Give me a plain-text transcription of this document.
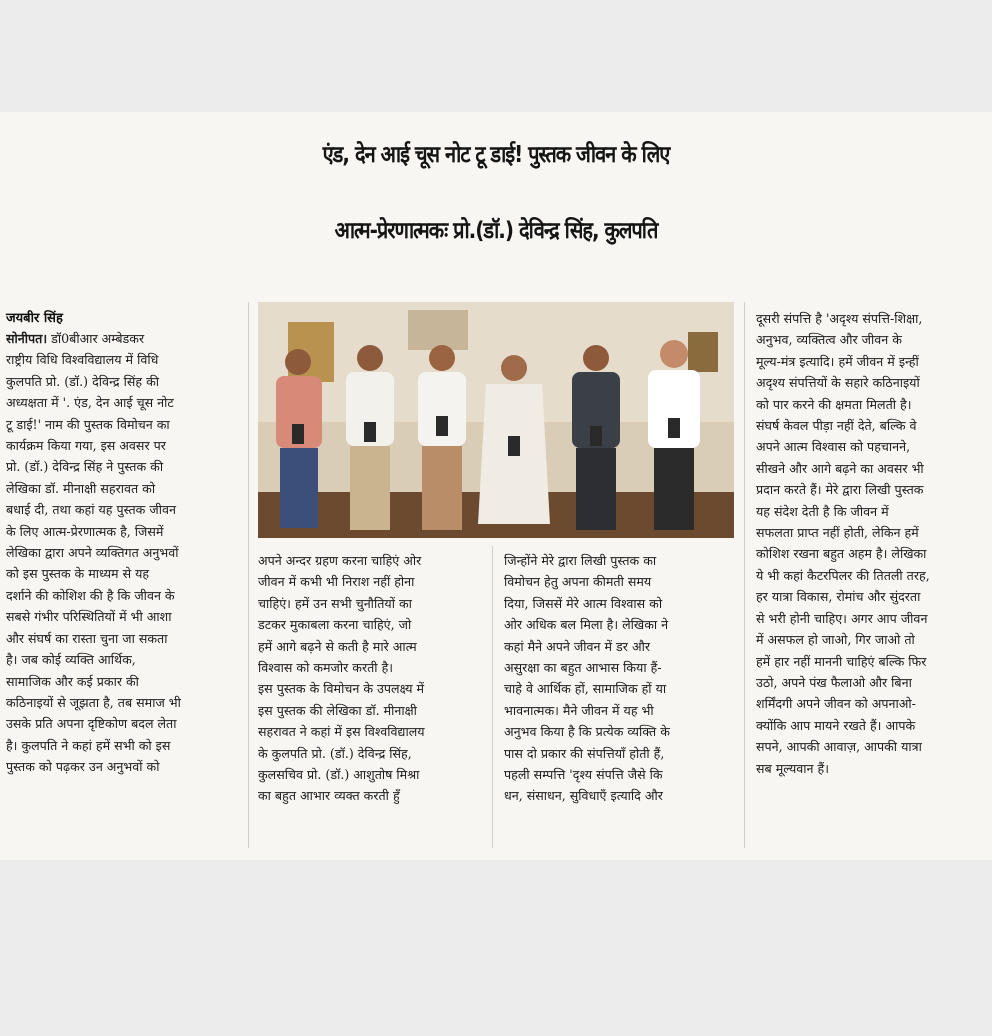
एंड, देन आई चूस नोट टू डाई! पुस्तक जीवन के लिए
आत्म-प्रेरणात्मकः प्रो.(डॉ.) देविन्द्र सिंह, कुलपति
जयबीर सिंह
सोनीपत। डॉ0बीआर अम्बेडकर
राष्ट्रीय विधि विश्वविद्यालय में विधि
कुलपति प्रो. (डॉ.) देविन्द्र सिंह की
अध्यक्षता में '. एंड, देन आई चूस नोट
टू डाई!' नाम की पुस्तक विमोचन का
कार्यक्रम किया गया, इस अवसर पर
प्रो. (डॉ.) देविन्द्र सिंह ने पुस्तक की
लेखिका डॉ. मीनाक्षी सहरावत को
बधाई दी, तथा कहां यह पुस्तक जीवन
के लिए आत्म-प्रेरणात्मक है, जिसमें
लेखिका द्वारा अपने व्यक्तिगत अनुभवों
को इस पुस्तक के माध्यम से यह
दर्शाने की कोशिश की है कि जीवन के
सबसे गंभीर परिस्थितियों में भी आशा
और संघर्ष का रास्ता चुना जा सकता
है। जब कोई व्यक्ति आर्थिक,
सामाजिक और कई प्रकार की
कठिनाइयों से जूझता है, तब समाज भी
उसके प्रति अपना दृष्टिकोण बदल लेता
है। कुलपति ने कहां हमें सभी को इस
पुस्तक को पढ़कर उन अनुभवों को
अपने अन्दर ग्रहण करना चाहिएं ओर
जीवन में कभी भी निराश नहीं होना
चाहिएं। हमें उन सभी चुनौतियों का
डटकर मुकाबला करना चाहिएं, जो
हमें आगे बढ़ने से कती है मारे आत्म
विश्वास को कमजोर करती है।
इस पुस्तक के विमोचन के उपलक्ष्य में
इस पुस्तक की लेखिका डॉ. मीनाक्षी
सहरावत ने कहां में इस विश्वविद्यालय
के कुलपति प्रो. (डॉ.) देविन्द्र सिंह,
कुलसचिव प्रो. (डॉ.) आशुतोष मिश्रा
का बहुत आभार व्यक्त करती हुँ
जिन्होंने मेरे द्वारा लिखी पुस्तक का
विमोचन हेतु अपना कीमती समय
दिया, जिससें मेरे आत्म विश्वास को
ओर अधिक बल मिला है। लेखिका ने
कहां मैने अपने जीवन में डर और
असुरक्षा का बहुत आभास किया हैं-
चाहे वे आर्थिक हों, सामाजिक हों या
भावनात्मक। मैने जीवन में यह भी
अनुभव किया है कि प्रत्येक व्यक्ति के
पास दो प्रकार की संपत्तियाँ होती हैं,
पहली सम्पत्ति 'दृश्य संपत्ति जैसे कि
धन, संसाधन, सुविधाएँ इत्यादि और
दूसरी संपत्ति है 'अदृश्य संपत्ति-शिक्षा,
अनुभव, व्यक्तित्व और जीवन के
मूल्य-मंत्र इत्यादि। हमें जीवन में इन्हीं
अदृश्य संपत्तियों के सहारे कठिनाइयों
को पार करने की क्षमता मिलती है।
संघर्ष केवल पीड़ा नहीं देते, बल्कि वे
अपने आत्म विश्वास को पहचानने,
सीखने और आगे बढ़ने का अवसर भी
प्रदान करते हैं। मेरे द्वारा लिखी पुस्तक
यह संदेश देती है कि जीवन में
सफलता प्राप्त नहीं होती, लेकिन हमें
कोशिश रखना बहुत अहम है। लेखिका
ये भी कहां कैटरपिलर की तितली तरह,
हर यात्रा विकास, रोमांच और सुंदरता
से भरी होनी चाहिए। अगर आप जीवन
में असफल हो जाओ, गिर जाओ तो
हमें हार नहीं माननी चाहिएं बल्कि फिर
उठो, अपने पंख फैलाओ और बिना
शर्मिंदगी अपने जीवन को अपनाओ-
क्योंकि आप मायने रखते हैं। आपके
सपने, आपकी आवाज़, आपकी यात्रा
सब मूल्यवान हैं।
